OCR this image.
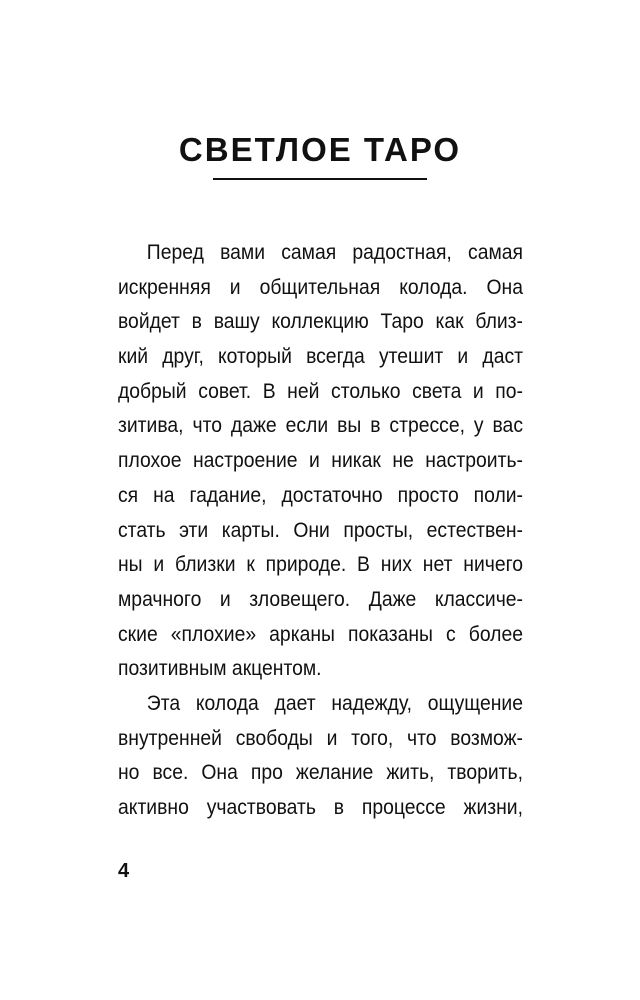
СВЕТЛОЕ ТАРО
Перед вами самая радостная, самая
искренняя и общительная колода. Она
войдет в вашу коллекцию Таро как близ-
кий друг, который всегда утешит и даст
добрый совет. В ней столько света и по-
зитива, что даже если вы в стрессе, у вас
плохое настроение и никак не настроить-
ся на гадание, достаточно просто поли-
стать эти карты. Они просты, естествен-
ны и близки к природе. В них нет ничего
мрачного и зловещего. Даже классиче-
ские «плохие» арканы показаны с более
позитивным акцентом.
Эта колода дает надежду, ощущение
внутренней свободы и того, что возмож-
но все. Она про желание жить, творить,
активно участвовать в процессе жизни,
4
